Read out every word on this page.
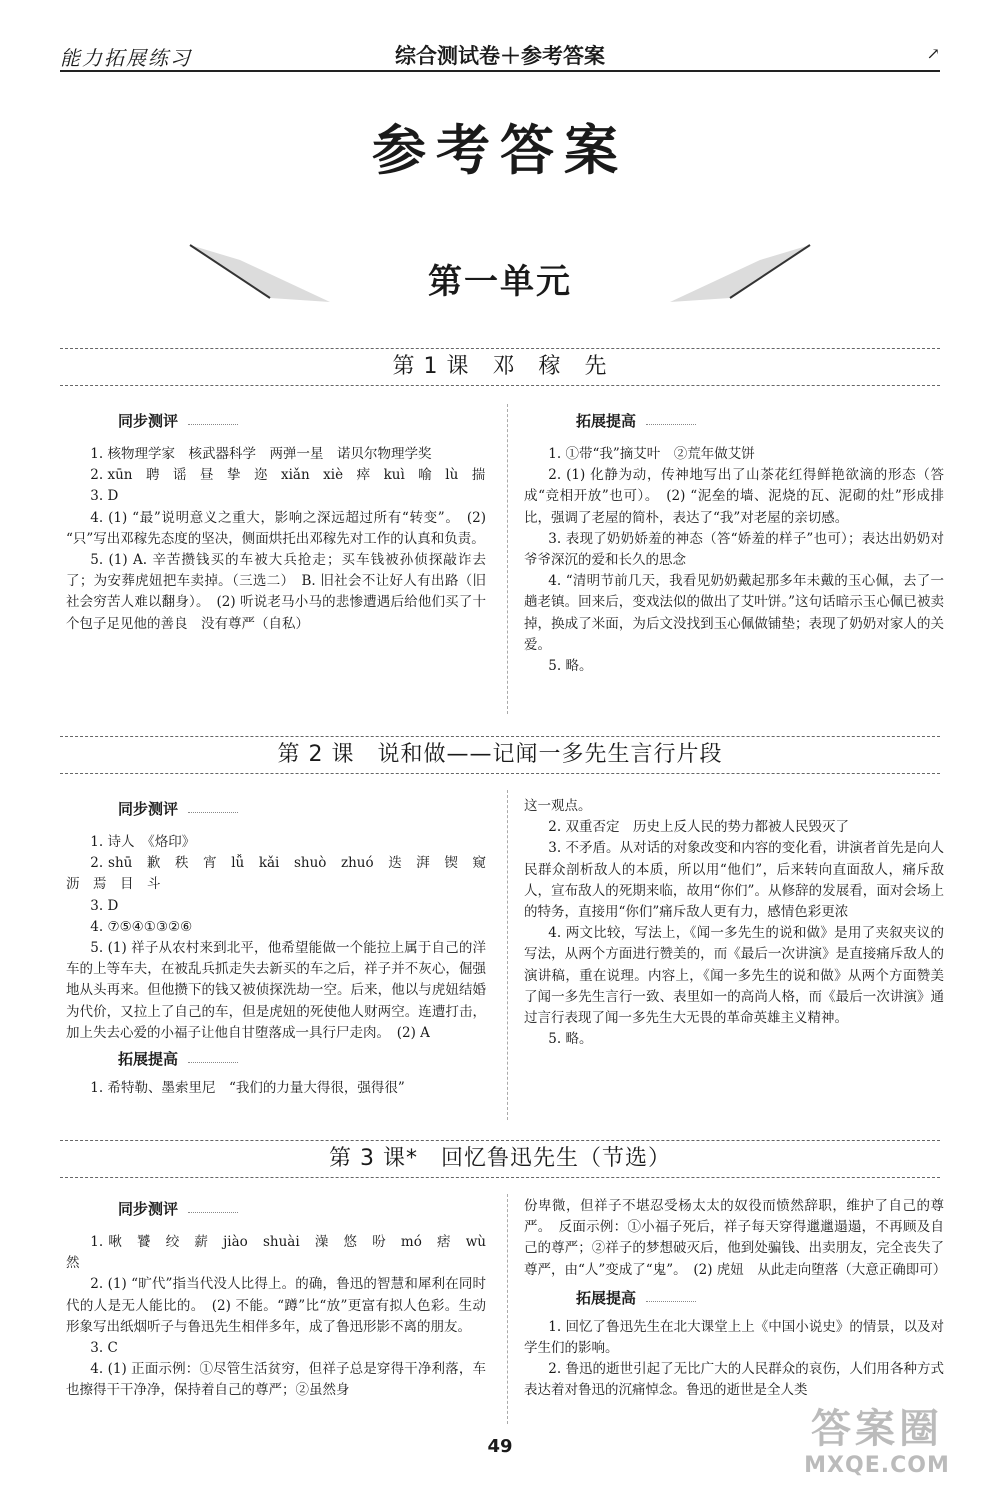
能力拓展练习	综合测试卷＋参考答案	↗
参考答案
第一单元
第 1 课　邓　稼　先
同步测评

1. 核物理学家　核武器科学　两弹一星　诺贝尔物理学奖

2. xūn　聘　谣　昼　挚　迩　xiǎn　xiè　瘁　kuì　喻　lù　揣

3. D

4. (1) “最”说明意义之重大，影响之深远超过所有“转变”。　(2) “只”写出邓稼先态度的坚决，侧面烘托出邓稼先对工作的认真和负责。

5. (1) A. 辛苦攒钱买的车被大兵抢走；买车钱被孙侦探敲诈去了；为安葬虎妞把车卖掉。（三选二）　B. 旧社会不让好人有出路（旧社会穷苦人难以翻身）。　(2) 听说老马小马的悲惨遭遇后给他们买了十个包子足见他的善良　没有尊严（自私）

拓展提高

1. ①带“我”摘艾叶　②荒年做艾饼

2. (1) 化静为动，传神地写出了山茶花红得鲜艳欲滴的形态（答成“竞相开放”也可）。　(2) “泥垒的墙、泥烧的瓦、泥砌的灶”形成排比，强调了老屋的简朴，表达了“我”对老屋的亲切感。

3. 表现了奶奶娇羞的神态（答“娇羞的样子”也可）；表达出奶奶对爷爷深沉的爱和长久的思念

4. “清明节前几天，我看见奶奶戴起那多年未戴的玉心佩，去了一趟老镇。回来后，变戏法似的做出了艾叶饼。”这句话暗示玉心佩已被卖掉，换成了米面，为后文没找到玉心佩做铺垫；表现了奶奶对家人的关爱。

5. 略。

第 2 课　说和做——记闻一多先生言行片段
同步测评

1. 诗人　《烙印》

2. shū　歉　秩　宵　lǚ　kǎi　shuò　zhuó　迭　湃　锲　窥　沥　焉　目　斗

3. D

4. ⑦⑤④①③②⑥

5. (1) 祥子从农村来到北平，他希望能做一个能拉上属于自己的洋车的上等车夫，在被乱兵抓走失去新买的车之后，祥子并不灰心，倔强地从头再来。但他攒下的钱又被侦探洗劫一空。后来，他以与虎妞结婚为代价，又拉上了自己的车，但是虎妞的死使他人财两空。连遭打击，加上失去心爱的小福子让他自甘堕落成一具行尸走肉。　(2) A

拓展提高

1. 希特勒、墨索里尼　“我们的力量大得很，强得很”

这一观点。

2. 双重否定　历史上反人民的势力都被人民毁灭了

3. 不矛盾。从对话的对象改变和内容的变化看，讲演者首先是向人民群众剖析敌人的本质，所以用“他们”，后来转向直面敌人，痛斥敌人，宣布敌人的死期来临，故用“你们”。从修辞的发展看，面对会场上的特务，直接用“你们”痛斥敌人更有力，感情色彩更浓

4. 两文比较，写法上，《闻一多先生的说和做》是用了夹叙夹议的写法，从两个方面进行赞美的，而《最后一次讲演》是直接痛斥敌人的演讲稿，重在说理。内容上，《闻一多先生的说和做》从两个方面赞美了闻一多先生言行一致、表里如一的高尚人格，而《最后一次讲演》通过言行表现了闻一多先生大无畏的革命英雄主义精神。

5. 略。

第 3 课*　回忆鲁迅先生（节选）
同步测评

1. 啾　饕　绞　薪　jiào　shuài　澡　悠　吩　mó　痞　wù　然

2. (1) “旷代”指当代没人比得上。的确，鲁迅的智慧和犀利在同时代的人是无人能比的。　(2) 不能。“蹲”比“放”更富有拟人色彩。生动形象写出纸烟听子与鲁迅先生相伴多年，成了鲁迅形影不离的朋友。

3. C

4. (1) 正面示例：①尽管生活贫穷，但祥子总是穿得干净利落，车也擦得干干净净，保持着自己的尊严；②虽然身

份卑微，但祥子不堪忍受杨太太的奴役而愤然辞职，维护了自己的尊严。　反面示例：①小福子死后，祥子每天穿得邋邋遢遢，不再顾及自己的尊严；②祥子的梦想破灭后，他到处骗钱、出卖朋友，完全丧失了尊严，由“人”变成了“鬼”。　(2) 虎妞　从此走向堕落（大意正确即可）

拓展提高

1. 回忆了鲁迅先生在北大课堂上上《中国小说史》的情景，以及对学生们的影响。

2. 鲁迅的逝世引起了无比广大的人民群众的哀伤，人们用各种方式表达着对鲁迅的沉痛悼念。鲁迅的逝世是全人类

49	答案圈
MXQE.COM
